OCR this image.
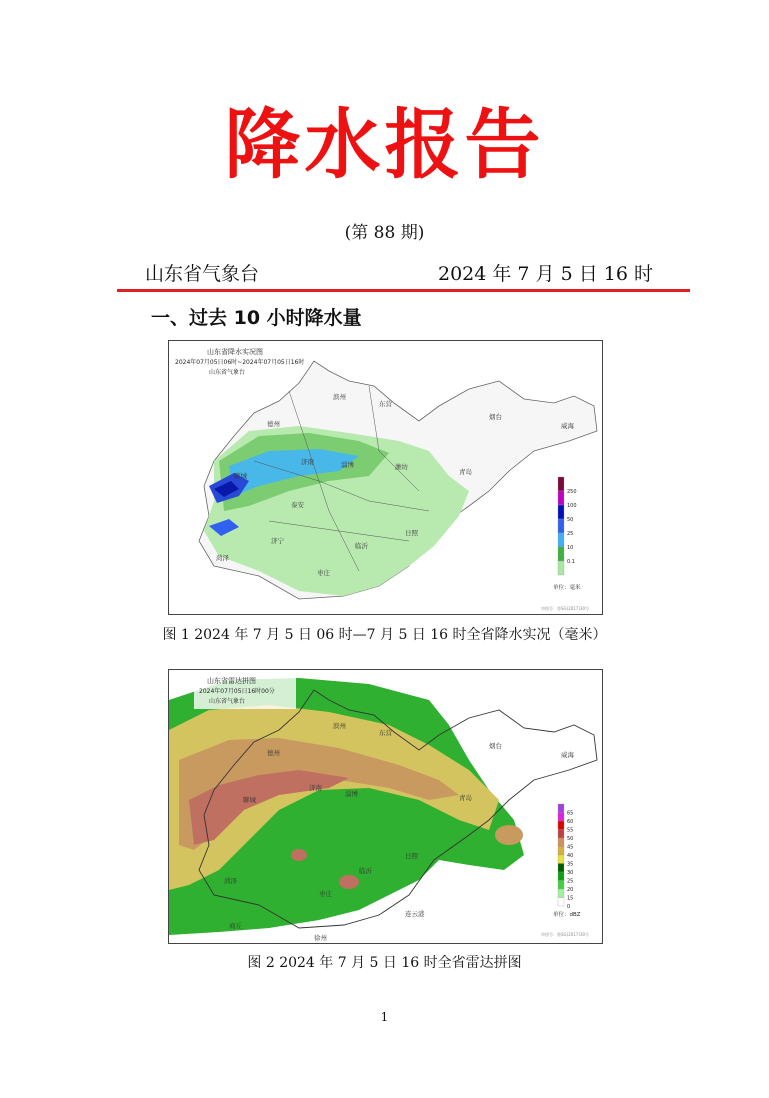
降水报告
(第 88 期)
山东省气象台	2024 年 7 月 5 日 16 时
一、过去 10 小时降水量
山东省降水实况图
2024年07月05日06时~2024年07月05日16时
山东省气象台
滨州
东营
烟台
威海
德州
济南	淄博	潍坊
青岛
聊城
泰安
济宁
日照
临沂
菏泽
枣庄
250
100
50
25
10
0.1
单位：毫米
审图号：鲁SG(2017)30号
图 1 2024 年 7 月 5 日 06 时—7 月 5 日 16 时全省降水实况（毫米）
山东省雷达拼图
2024年07月05日16时00分
山东省气象台
滨州
东营
烟台
威海
德州
济南
淄博
聊城	青岛
日照
临沂
菏泽
枣庄
连云港
商丘
徐州
65
60
55
50
45
40
35
30
25
20
15
0
单位：dBZ
审图号：鲁SG(2017)30号
图 2 2024 年 7 月 5 日 16 时全省雷达拼图
1
